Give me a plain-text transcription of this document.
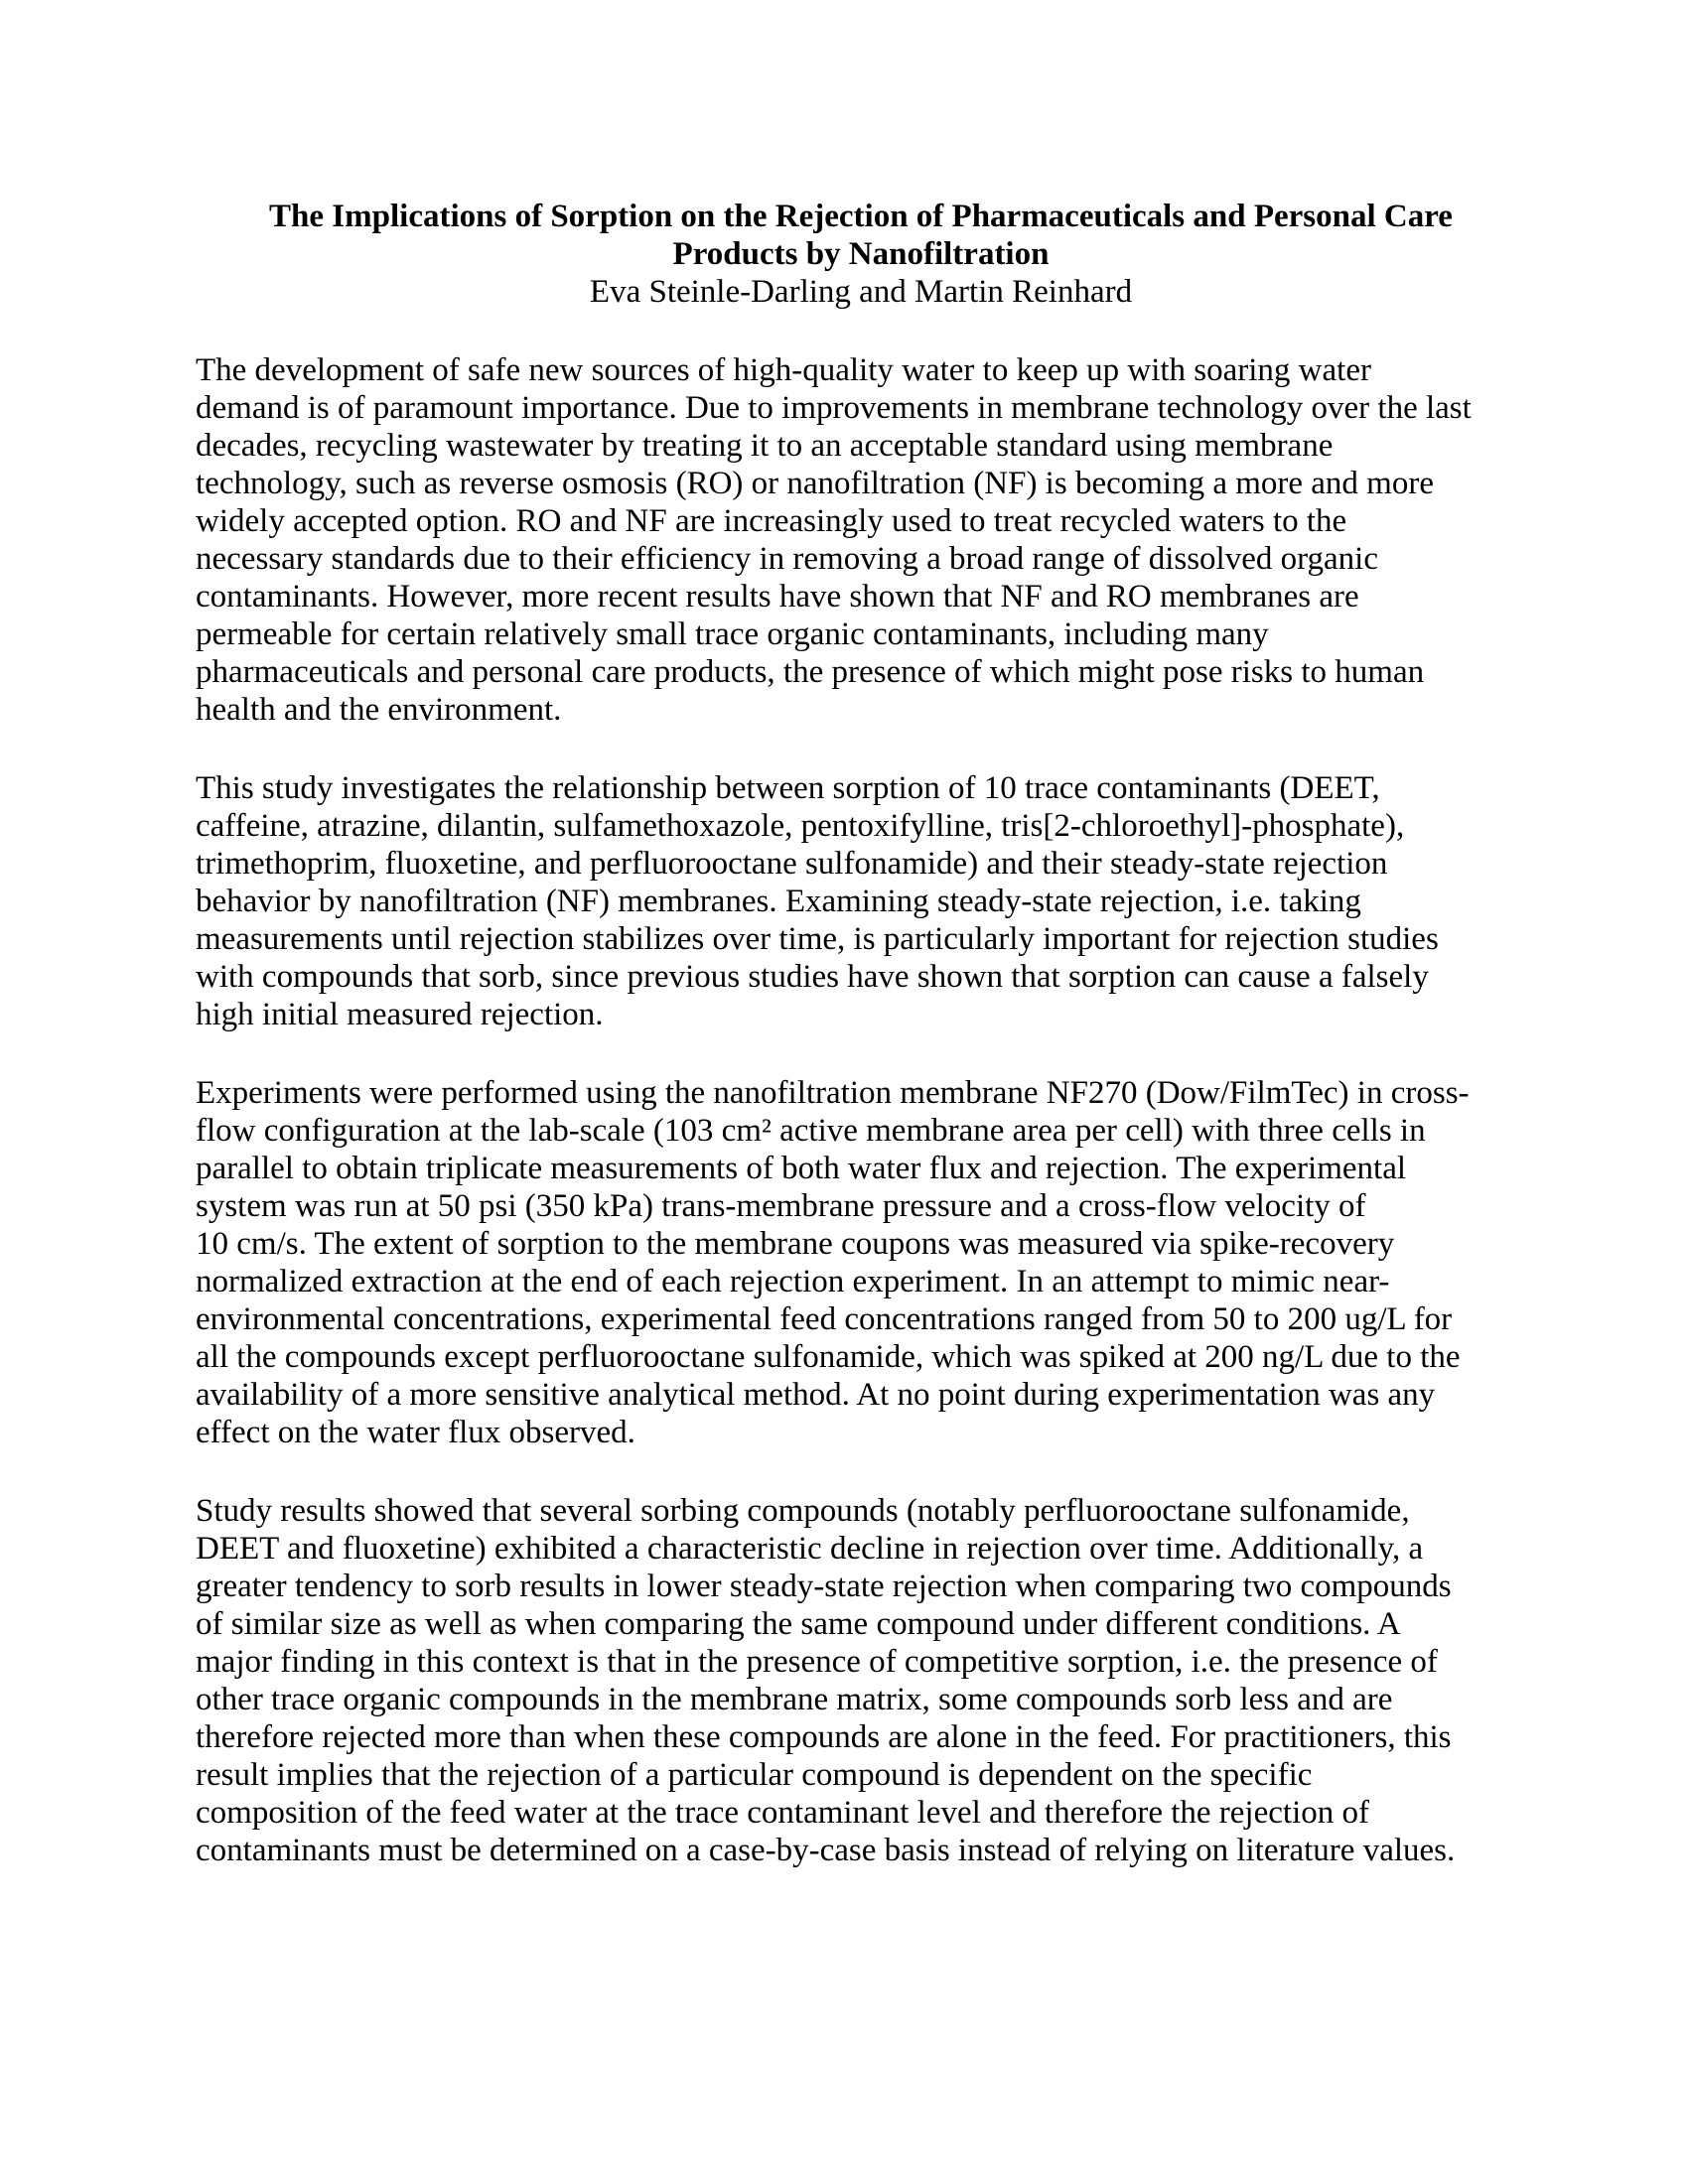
The Implications of Sorption on the Rejection of Pharmaceuticals and Personal Care
Products by Nanofiltration
Eva Steinle-Darling and Martin Reinhard

The development of safe new sources of high-quality water to keep up with soaring water
demand is of paramount importance. Due to improvements in membrane technology over the last
decades, recycling wastewater by treating it to an acceptable standard using membrane
technology, such as reverse osmosis (RO) or nanofiltration (NF) is becoming a more and more
widely accepted option. RO and NF are increasingly used to treat recycled waters to the
necessary standards due to their efficiency in removing a broad range of dissolved organic
contaminants. However, more recent results have shown that NF and RO membranes are
permeable for certain relatively small trace organic contaminants, including many
pharmaceuticals and personal care products, the presence of which might pose risks to human
health and the environment.

This study investigates the relationship between sorption of 10 trace contaminants (DEET,
caffeine, atrazine, dilantin, sulfamethoxazole, pentoxifylline, tris[2-chloroethyl]-phosphate),
trimethoprim, fluoxetine, and perfluorooctane sulfonamide) and their steady-state rejection
behavior by nanofiltration (NF) membranes. Examining steady-state rejection, i.e. taking
measurements until rejection stabilizes over time, is particularly important for rejection studies
with compounds that sorb, since previous studies have shown that sorption can cause a falsely
high initial measured rejection.

Experiments were performed using the nanofiltration membrane NF270 (Dow/FilmTec) in cross-
flow configuration at the lab-scale (103 cm² active membrane area per cell) with three cells in
parallel to obtain triplicate measurements of both water flux and rejection. The experimental
system was run at 50 psi (350 kPa) trans-membrane pressure and a cross-flow velocity of
10 cm/s. The extent of sorption to the membrane coupons was measured via spike-recovery
normalized extraction at the end of each rejection experiment. In an attempt to mimic near-
environmental concentrations, experimental feed concentrations ranged from 50 to 200 ug/L for
all the compounds except perfluorooctane sulfonamide, which was spiked at 200 ng/L due to the
availability of a more sensitive analytical method. At no point during experimentation was any
effect on the water flux observed.

Study results showed that several sorbing compounds (notably perfluorooctane sulfonamide,
DEET and fluoxetine) exhibited a characteristic decline in rejection over time. Additionally, a
greater tendency to sorb results in lower steady-state rejection when comparing two compounds
of similar size as well as when comparing the same compound under different conditions. A
major finding in this context is that in the presence of competitive sorption, i.e. the presence of
other trace organic compounds in the membrane matrix, some compounds sorb less and are
therefore rejected more than when these compounds are alone in the feed. For practitioners, this
result implies that the rejection of a particular compound is dependent on the specific
composition of the feed water at the trace contaminant level and therefore the rejection of
contaminants must be determined on a case-by-case basis instead of relying on literature values.
